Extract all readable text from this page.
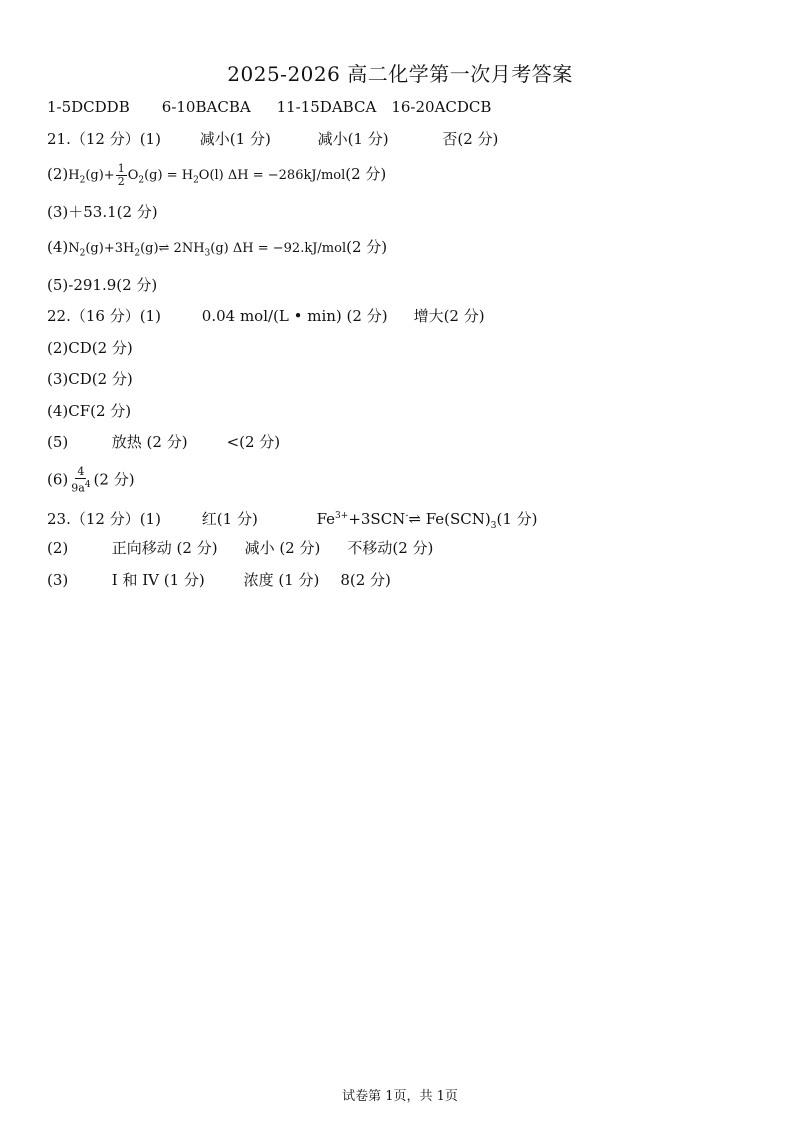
2025-2026 高二化学第一次月考答案
1-5DCDDB 6-10BACBA 11-15DABCA 16-20ACDCB
21.（12 分）(1)	减小(1 分)	减小(1 分)	否(2 分)
$(2)H_2(g)+ \frac{1}{2} O_2(g) = H_2O(l) \Delta H = -286kJ/mol(2$ 分)
(3)＋53.1(2 分)
$(4)N_2(g)+3H_2(g)\rightleftharpoons$ $2NH_3(g) \Delta H = -92.kJ/mol(2$ 分)
(5)-291.9(2 分)
22.（16 分）(1)	0.04 mol/(L • min) (2 分) 增大(2 分)
(2)CD(2 分)
(3)CD(2 分)
(4)CF(2 分)
(5)	放热 (2 分)	<(2 分)
$(6) \frac{4}{9a^4} (2$ 分)
23.（12 分）(1)	红(1 分)	$Fe^{3+}+3SCN^-\rightleftharpoons$ $Fe(SCN)_3(1$ 分)
(2)	正向移动 (2 分) 减小 (2 分) 不移动(2 分)
(3)	I 和 IV (1 分)	浓度 (1 分) 8(2 分)
试卷第 1页，共 1页
